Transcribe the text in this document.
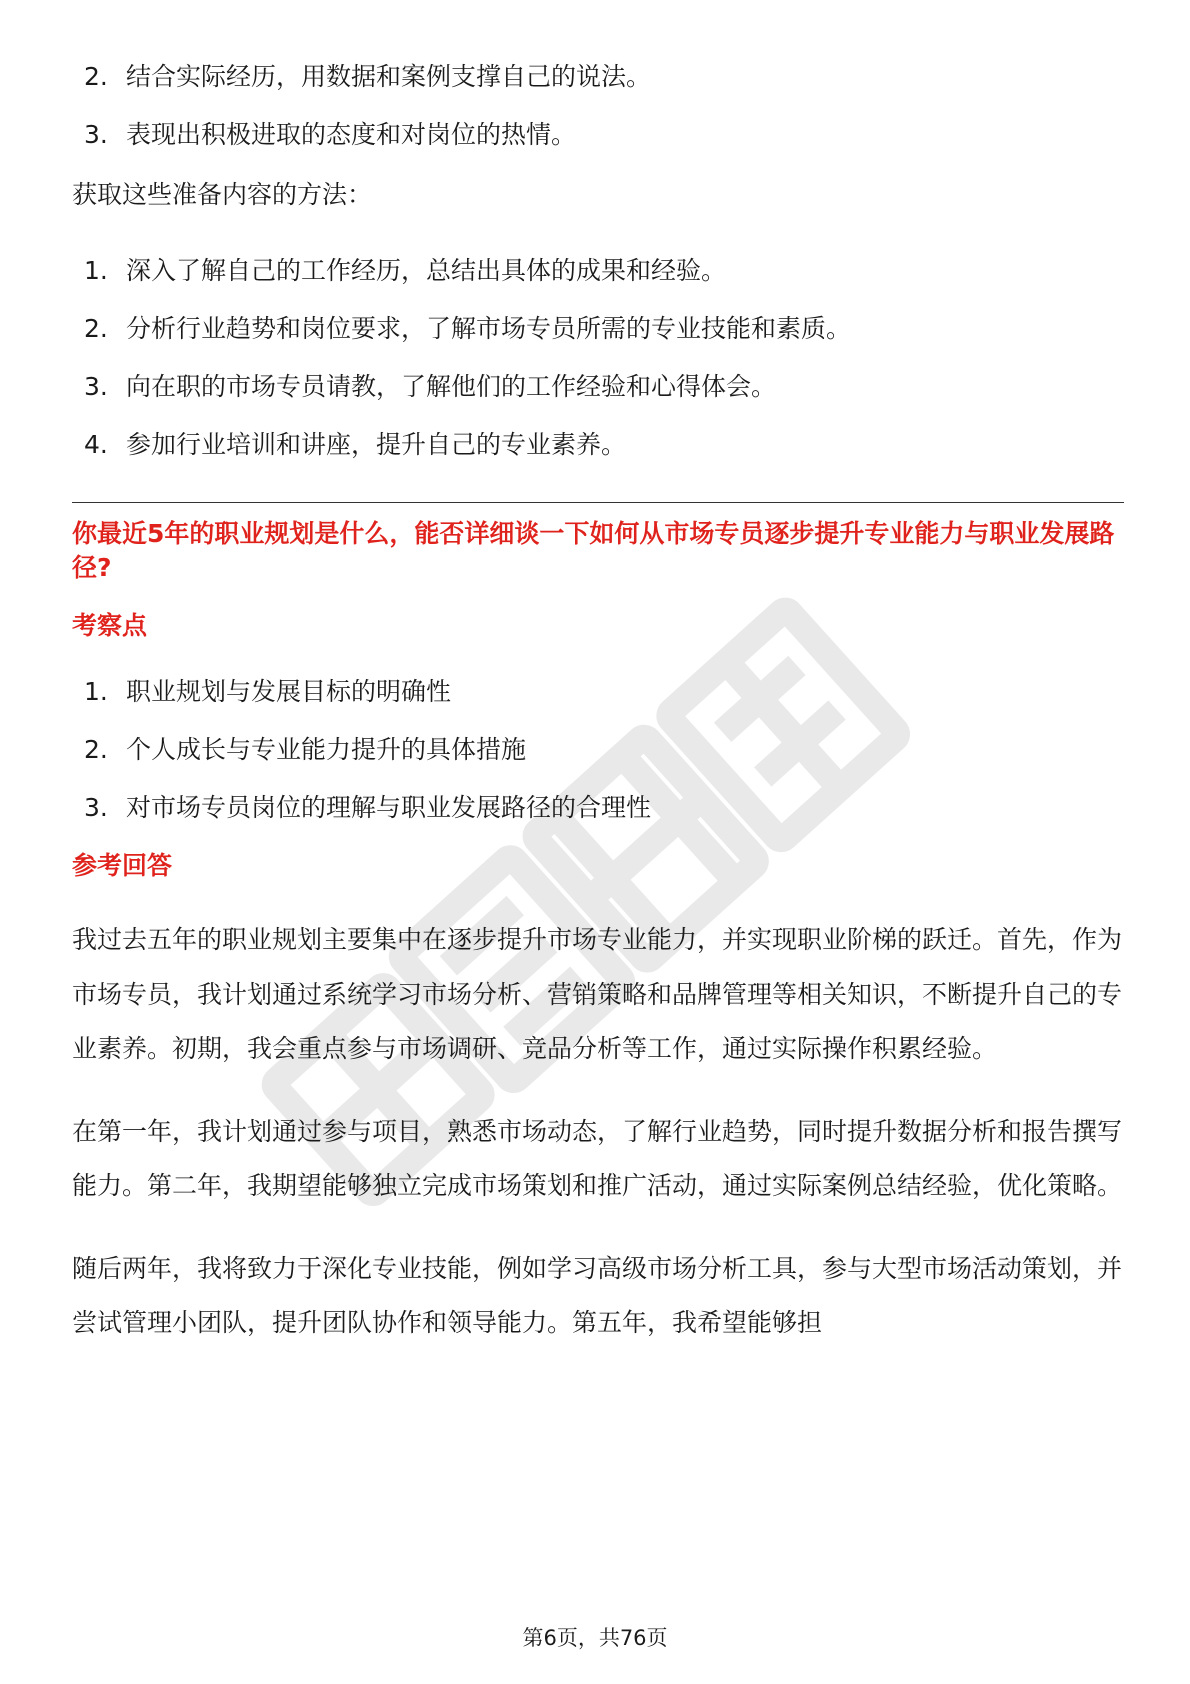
2. 结合实际经历，用数据和案例支撑自己的说法。
3. 表现出积极进取的态度和对岗位的热情。
获取这些准备内容的方法：
1. 深入了解自己的工作经历，总结出具体的成果和经验。
2. 分析行业趋势和岗位要求，了解市场专员所需的专业技能和素质。
3. 向在职的市场专员请教，了解他们的工作经验和心得体会。
4. 参加行业培训和讲座，提升自己的专业素养。

你最近5年的职业规划是什么，能否详细谈一下如何从市场专员逐步提升专业能力与职业发展路径?

考察点
1. 职业规划与发展目标的明确性
2. 个人成长与专业能力提升的具体措施
3. 对市场专员岗位的理解与职业发展路径的合理性
参考回答

我过去五年的职业规划主要集中在逐步提升市场专业能力，并实现职业阶梯的跃迁。首先，作为市场专员，我计划通过系统学习市场分析、营销策略和品牌管理等相关知识，不断提升自己的专业素养。初期，我会重点参与市场调研、竞品分析等工作，通过实际操作积累经验。

在第一年，我计划通过参与项目，熟悉市场动态，了解行业趋势，同时提升数据分析和报告撰写能力。第二年，我期望能够独立完成市场策划和推广活动，通过实际案例总结经验，优化策略。

随后两年，我将致力于深化专业技能，例如学习高级市场分析工具，参与大型市场活动策划，并尝试管理小团队，提升团队协作和领导能力。第五年，我希望能够担

第6页，共76页
